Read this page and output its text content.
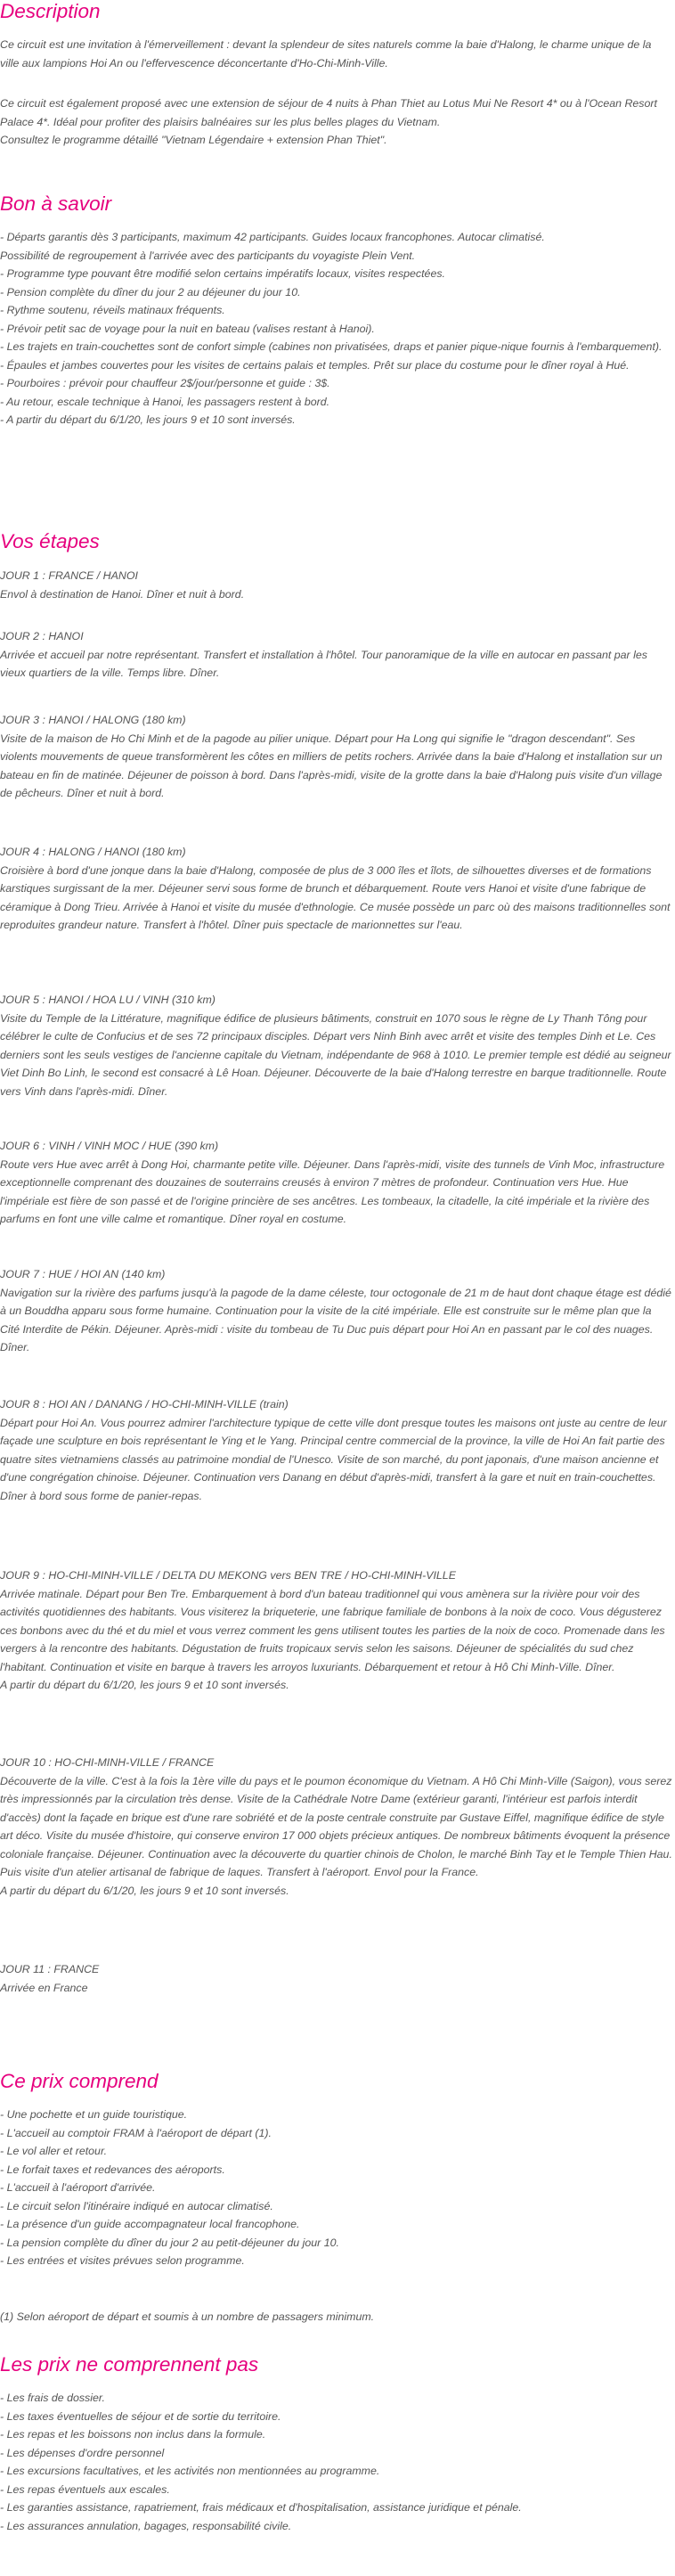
Description

Ce circuit est une invitation à l'émerveillement : devant la splendeur de sites naturels comme la baie d'Halong, le charme unique de la ville aux lampions Hoi An ou l'effervescence déconcertante d'Ho-Chi-Minh-Ville.

Ce circuit est également proposé avec une extension de séjour de 4 nuits à Phan Thiet au Lotus Mui Ne Resort 4* ou à l'Ocean Resort Palace 4*. Idéal pour profiter des plaisirs balnéaires sur les plus belles plages du Vietnam.

Consultez le programme détaillé "Vietnam Légendaire + extension Phan Thiet".

Bon à savoir
- Départs garantis dès 3 participants, maximum 42 participants. Guides locaux francophones. Autocar climatisé.
Possibilité de regroupement à l'arrivée avec des participants du voyagiste Plein Vent.
- Programme type pouvant être modifié selon certains impératifs locaux, visites respectées.
- Pension complète du dîner du jour 2 au déjeuner du jour 10.
- Rythme soutenu, réveils matinaux fréquents.
- Prévoir petit sac de voyage pour la nuit en bateau (valises restant à Hanoi).
- Les trajets en train-couchettes sont de confort simple (cabines non privatisées, draps et panier pique-nique fournis à l'embarquement).
- Épaules et jambes couvertes pour les visites de certains palais et temples. Prêt sur place du costume pour le dîner royal à Hué.
- Pourboires : prévoir pour chauffeur 2$/jour/personne et guide : 3$.
- Au retour, escale technique à Hanoi, les passagers restent à bord.
- A partir du départ du 6/1/20, les jours 9 et 10 sont inversés.
Vos étapes
JOUR 1 : FRANCE / HANOI
Envol à destination de Hanoi. Dîner et nuit à bord.
JOUR 2 : HANOI
Arrivée et accueil par notre représentant. Transfert et installation à l'hôtel. Tour panoramique de la ville en autocar en passant par les vieux quartiers de la ville. Temps libre. Dîner.
JOUR 3 : HANOI / HALONG (180 km)
Visite de la maison de Ho Chi Minh et de la pagode au pilier unique. Départ pour Ha Long qui signifie le "dragon descendant". Ses violents mouvements de queue transformèrent les côtes en milliers de petits rochers. Arrivée dans la baie d'Halong et installation sur un bateau en fin de matinée. Déjeuner de poisson à bord. Dans l'après-midi, visite de la grotte dans la baie d'Halong puis visite d'un village de pêcheurs. Dîner et nuit à bord.
JOUR 4 : HALONG / HANOI (180 km)
Croisière à bord d'une jonque dans la baie d'Halong, composée de plus de 3 000 îles et îlots, de silhouettes diverses et de formations karstiques surgissant de la mer. Déjeuner servi sous forme de brunch et débarquement. Route vers Hanoi et visite d'une fabrique de céramique à Dong Trieu. Arrivée à Hanoi et visite du musée d'ethnologie. Ce musée possède un parc où des maisons traditionnelles sont reproduites grandeur nature. Transfert à l'hôtel. Dîner puis spectacle de marionnettes sur l'eau.
JOUR 5 : HANOI / HOA LU / VINH (310 km)
Visite du Temple de la Littérature, magnifique édifice de plusieurs bâtiments, construit en 1070 sous le règne de Ly Thanh Tông pour célébrer le culte de Confucius et de ses 72 principaux disciples. Départ vers Ninh Binh avec arrêt et visite des temples Dinh et Le. Ces derniers sont les seuls vestiges de l'ancienne capitale du Vietnam, indépendante de 968 à 1010. Le premier temple est dédié au seigneur Viet Dinh Bo Linh, le second est consacré à Lê Hoan. Déjeuner. Découverte de la baie d'Halong terrestre en barque traditionnelle. Route vers Vinh dans l'après-midi. Dîner.
JOUR 6 : VINH / VINH MOC / HUE (390 km)
Route vers Hue avec arrêt à Dong Hoi, charmante petite ville. Déjeuner. Dans l'après-midi, visite des tunnels de Vinh Moc, infrastructure exceptionnelle comprenant des douzaines de souterrains creusés à environ 7 mètres de profondeur. Continuation vers Hue. Hue l'impériale est fière de son passé et de l'origine princière de ses ancêtres. Les tombeaux, la citadelle, la cité impériale et la rivière des parfums en font une ville calme et romantique. Dîner royal en costume.
JOUR 7 : HUE / HOI AN (140 km)
Navigation sur la rivière des parfums jusqu'à la pagode de la dame céleste, tour octogonale de 21 m de haut dont chaque étage est dédié à un Bouddha apparu sous forme humaine. Continuation pour la visite de la cité impériale. Elle est construite sur le même plan que la Cité Interdite de Pékin. Déjeuner. Après-midi : visite du tombeau de Tu Duc puis départ pour Hoi An en passant par le col des nuages. Dîner.
JOUR 8 : HOI AN / DANANG / HO-CHI-MINH-VILLE (train)
Départ pour Hoi An. Vous pourrez admirer l'architecture typique de cette ville dont presque toutes les maisons ont juste au centre de leur façade une sculpture en bois représentant le Ying et le Yang. Principal centre commercial de la province, la ville de Hoi An fait partie des quatre sites vietnamiens classés au patrimoine mondial de l'Unesco. Visite de son marché, du pont japonais, d'une maison ancienne et d'une congrégation chinoise. Déjeuner. Continuation vers Danang en début d'après-midi, transfert à la gare et nuit en train-couchettes. Dîner à bord sous forme de panier-repas.
JOUR 9 : HO-CHI-MINH-VILLE / DELTA DU MEKONG vers BEN TRE / HO-CHI-MINH-VILLE
Arrivée matinale. Départ pour Ben Tre. Embarquement à bord d'un bateau traditionnel qui vous amènera sur la rivière pour voir des activités quotidiennes des habitants. Vous visiterez la briqueterie, une fabrique familiale de bonbons à la noix de coco. Vous dégusterez ces bonbons avec du thé et du miel et vous verrez comment les gens utilisent toutes les parties de la noix de coco. Promenade dans les vergers à la rencontre des habitants. Dégustation de fruits tropicaux servis selon les saisons. Déjeuner de spécialités du sud chez l'habitant. Continuation et visite en barque à travers les arroyos luxuriants. Débarquement et retour à Hô Chi Minh-Ville. Dîner.
A partir du départ du 6/1/20, les jours 9 et 10 sont inversés.
JOUR 10 : HO-CHI-MINH-VILLE / FRANCE
Découverte de la ville. C'est à la fois la 1ère ville du pays et le poumon économique du Vietnam. A Hô Chi Minh-Ville (Saigon), vous serez très impressionnés par la circulation très dense. Visite de la Cathédrale Notre Dame (extérieur garanti, l'intérieur est parfois interdit d'accès) dont la façade en brique est d'une rare sobriété et de la poste centrale construite par Gustave Eiffel, magnifique édifice de style art déco. Visite du musée d'histoire, qui conserve environ 17 000 objets précieux antiques. De nombreux bâtiments évoquent la présence coloniale française. Déjeuner. Continuation avec la découverte du quartier chinois de Cholon, le marché Binh Tay et le Temple Thien Hau. Puis visite d'un atelier artisanal de fabrique de laques. Transfert à l'aéroport. Envol pour la France.
A partir du départ du 6/1/20, les jours 9 et 10 sont inversés.
JOUR 11 : FRANCE
Arrivée en France
Ce prix comprend
- Une pochette et un guide touristique.
- L'accueil au comptoir FRAM à l'aéroport de départ (1).
- Le vol aller et retour.
- Le forfait taxes et redevances des aéroports.
- L'accueil à l'aéroport d'arrivée.
- Le circuit selon l'itinéraire indiqué en autocar climatisé.
- La présence d'un guide accompagnateur local francophone.
- La pension complète du dîner du jour 2 au petit-déjeuner du jour 10.
- Les entrées et visites prévues selon programme.

(1) Selon aéroport de départ et soumis à un nombre de passagers minimum.

Les prix ne comprennent pas
- Les frais de dossier.
- Les taxes éventuelles de séjour et de sortie du territoire.
- Les repas et les boissons non inclus dans la formule.
- Les dépenses d'ordre personnel
- Les excursions facultatives, et les activités non mentionnées au programme.
- Les repas éventuels aux escales.
- Les garanties assistance, rapatriement, frais médicaux et d'hospitalisation, assistance juridique et pénale.
- Les assurances annulation, bagages, responsabilité civile.
